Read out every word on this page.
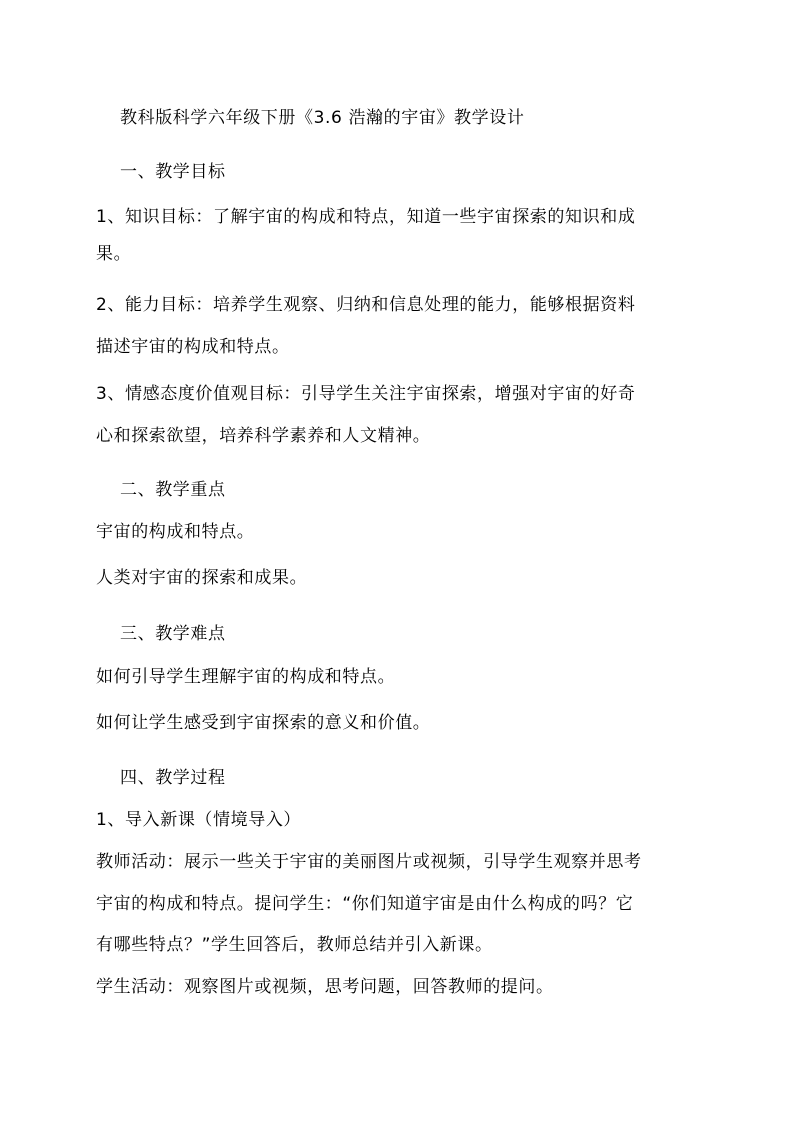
教科版科学六年级下册《3.6 浩瀚的宇宙》教学设计
一、教学目标
1、知识目标：了解宇宙的构成和特点，知道一些宇宙探索的知识和成
果。
2、能力目标：培养学生观察、归纳和信息处理的能力，能够根据资料
描述宇宙的构成和特点。
3、情感态度价值观目标：引导学生关注宇宙探索，增强对宇宙的好奇
心和探索欲望，培养科学素养和人文精神。
二、教学重点
宇宙的构成和特点。
人类对宇宙的探索和成果。
三、教学难点
如何引导学生理解宇宙的构成和特点。
如何让学生感受到宇宙探索的意义和价值。
四、教学过程
1、导入新课（情境导入）
教师活动：展示一些关于宇宙的美丽图片或视频，引导学生观察并思考
宇宙的构成和特点。提问学生：“你们知道宇宙是由什么构成的吗？它
有哪些特点？”学生回答后，教师总结并引入新课。
学生活动：观察图片或视频，思考问题，回答教师的提问。
